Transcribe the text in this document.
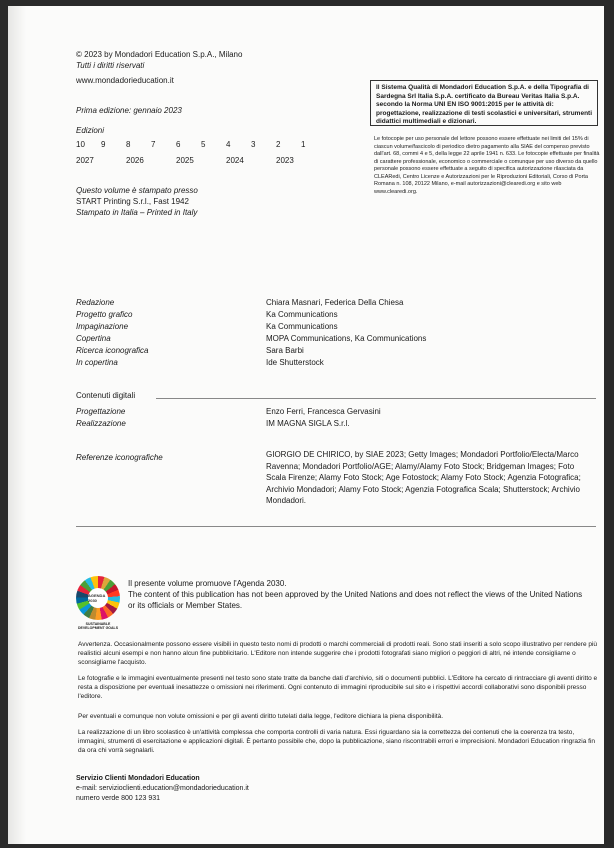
© 2023 by Mondadori Education S.p.A., Milano
Tutti i diritti riservati
www.mondadorieducation.it
Prima edizione: gennaio 2023
Edizioni
10	9	8	7	6	5	4	3	2	1
2027	2026	2025	2024	2023
Questo volume è stampato presso
START Printing S.r.l., Fast 1942
Stampato in Italia – Printed in Italy
Il Sistema Qualità di Mondadori Education S.p.A. e della Tipografia di Sardegna Srl Italia S.p.A. certificato da Bureau Veritas Italia S.p.A. secondo la Norma UNI EN ISO 9001:2015 per le attività di: progettazione, realizzazione di testi scolastici e universitari, strumenti didattici multimediali e dizionari.
Le fotocopie per uso personale del lettore possono essere effettuate nei limiti del 15% di ciascun volume/fascicolo di periodico dietro pagamento alla SIAE del compenso previsto dall'art. 68, commi 4 e 5, della legge 22 aprile 1941 n. 633. Le fotocopie effettuate per finalità di carattere professionale, economico o commerciale o comunque per uso diverso da quello personale possono essere effettuate a seguito di specifica autorizzazione rilasciata da CLEARedi, Centro Licenze e Autorizzazioni per le Riproduzioni Editoriali, Corso di Porta Romana n. 108, 20122 Milano, e-mail autorizzazioni@clearedi.org e sito web www.clearedi.org.
Redazione	Chiara Masnari, Federica Della Chiesa
Progetto grafico	Ka Communications
Impaginazione	Ka Communications
Copertina	MOPA Communications, Ka Communications
Ricerca iconografica	Sara Barbi
In copertina	Ide Shutterstock
Contenuti digitali
Progettazione	Enzo Ferri, Francesca Gervasini
Realizzazione	IM MAGNA SIGLA S.r.l.
Referenze iconografiche	GIORGIO DE CHIRICO, by SIAE 2023; Getty Images; Mondadori Portfolio/Electa/Marco Ravenna; Mondadori Portfolio/AGE; Alamy/Alamy Foto Stock; Bridgeman Images; Foto Scala Firenze; Alamy Foto Stock; Age Fotostock; Alamy Foto Stock; Agenzia Fotografica; Archivio Mondadori; Alamy Foto Stock; Agenzia Fotografica Scala; Shutterstock; Archivio Mondadori.
AGENDA 2030
SUSTAINABLE DEVELOPMENT GOALS
Il presente volume promuove l'Agenda 2030.
The content of this publication has not been approved by the United Nations and does not reflect the views of the United Nations or its officials or Member States.
Avvertenza. Occasionalmente possono essere visibili in questo testo nomi di prodotti o marchi commerciali di prodotti reali. Sono stati inseriti a solo scopo illustrativo per rendere più realistici alcuni esempi e non hanno alcun fine pubblicitario. L'Editore non intende suggerire che i prodotti fotografati siano migliori o peggiori di altri, né intende consigliarne o sconsigliarne l'acquisto.
Le fotografie e le immagini eventualmente presenti nel testo sono state tratte da banche dati d'archivio, siti o documenti pubblici. L'Editore ha cercato di rintracciare gli aventi diritto e resta a disposizione per eventuali inesattezze o omissioni nei riferimenti. Ogni contenuto di immagini riproducibile sul sito e i rispettivi accordi collaborativi sono disponibili presso l'editore.
Per eventuali e comunque non volute omissioni e per gli aventi diritto tutelati dalla legge, l'editore dichiara la piena disponibilità.
La realizzazione di un libro scolastico è un'attività complessa che comporta controlli di varia natura. Essi riguardano sia la correttezza dei contenuti che la coerenza tra testo, immagini, strumenti di esercitazione e applicazioni digitali. È pertanto possibile che, dopo la pubblicazione, siano riscontrabili errori e imprecisioni. Mondadori Education ringrazia fin da ora chi vorrà segnalarli.
Servizio Clienti Mondadori Education
e-mail: servizioclienti.education@mondadorieducation.it
numero verde 800 123 931
